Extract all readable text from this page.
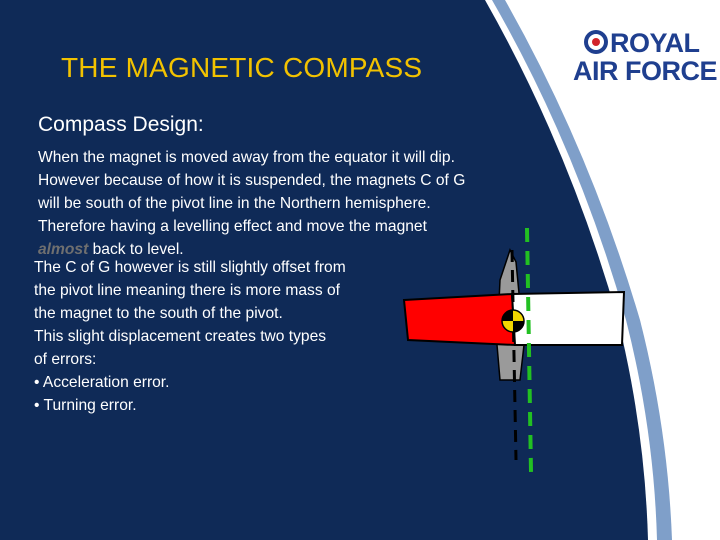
THE MAGNETIC COMPASS
Compass Design:
When the magnet is moved away from the equator it will dip.
However because of how it is suspended, the magnets C of G
will be south of the pivot line in the Northern hemisphere.
Therefore having a levelling effect and move the magnet
almost back to level.
The C of G however is still slightly offset from
the pivot line meaning there is more mass of
the magnet to the south of the pivot.
This slight displacement creates two types
of errors:
• Acceleration error.
• Turning error.
ROYAL
AIR FORCE
